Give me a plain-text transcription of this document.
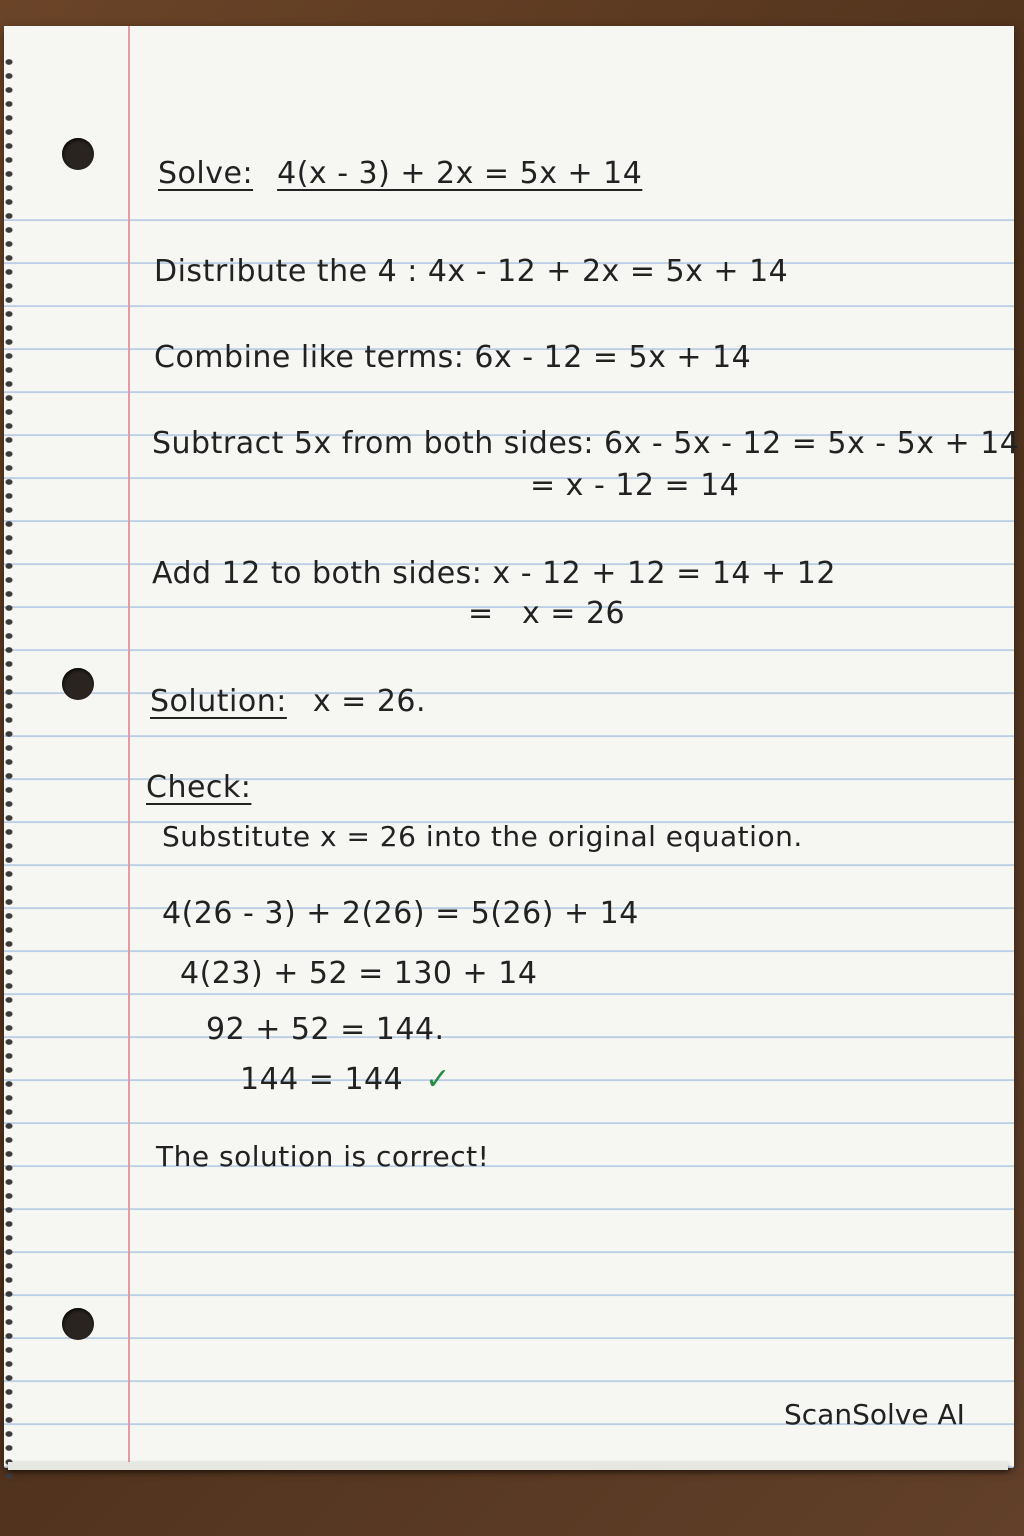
Solve: 4(x - 3) + 2x = 5x + 14
Distribute the 4 : 4x - 12 + 2x = 5x + 14
Combine like terms: 6x - 12 = 5x + 14
Subtract 5x from both sides: 6x - 5x - 12 = 5x - 5x + 14
= x - 12 = 14
Add 12 to both sides: x - 12 + 12 = 14 + 12
= x = 26
Solution: x = 26.
Check:
Substitute x = 26 into the original equation.
4(26 - 3) + 2(26) = 5(26) + 14
4(23) + 52 = 130 + 14
92 + 52 = 144.
144 = 144 ✓
The solution is correct!
ScanSolve AI
